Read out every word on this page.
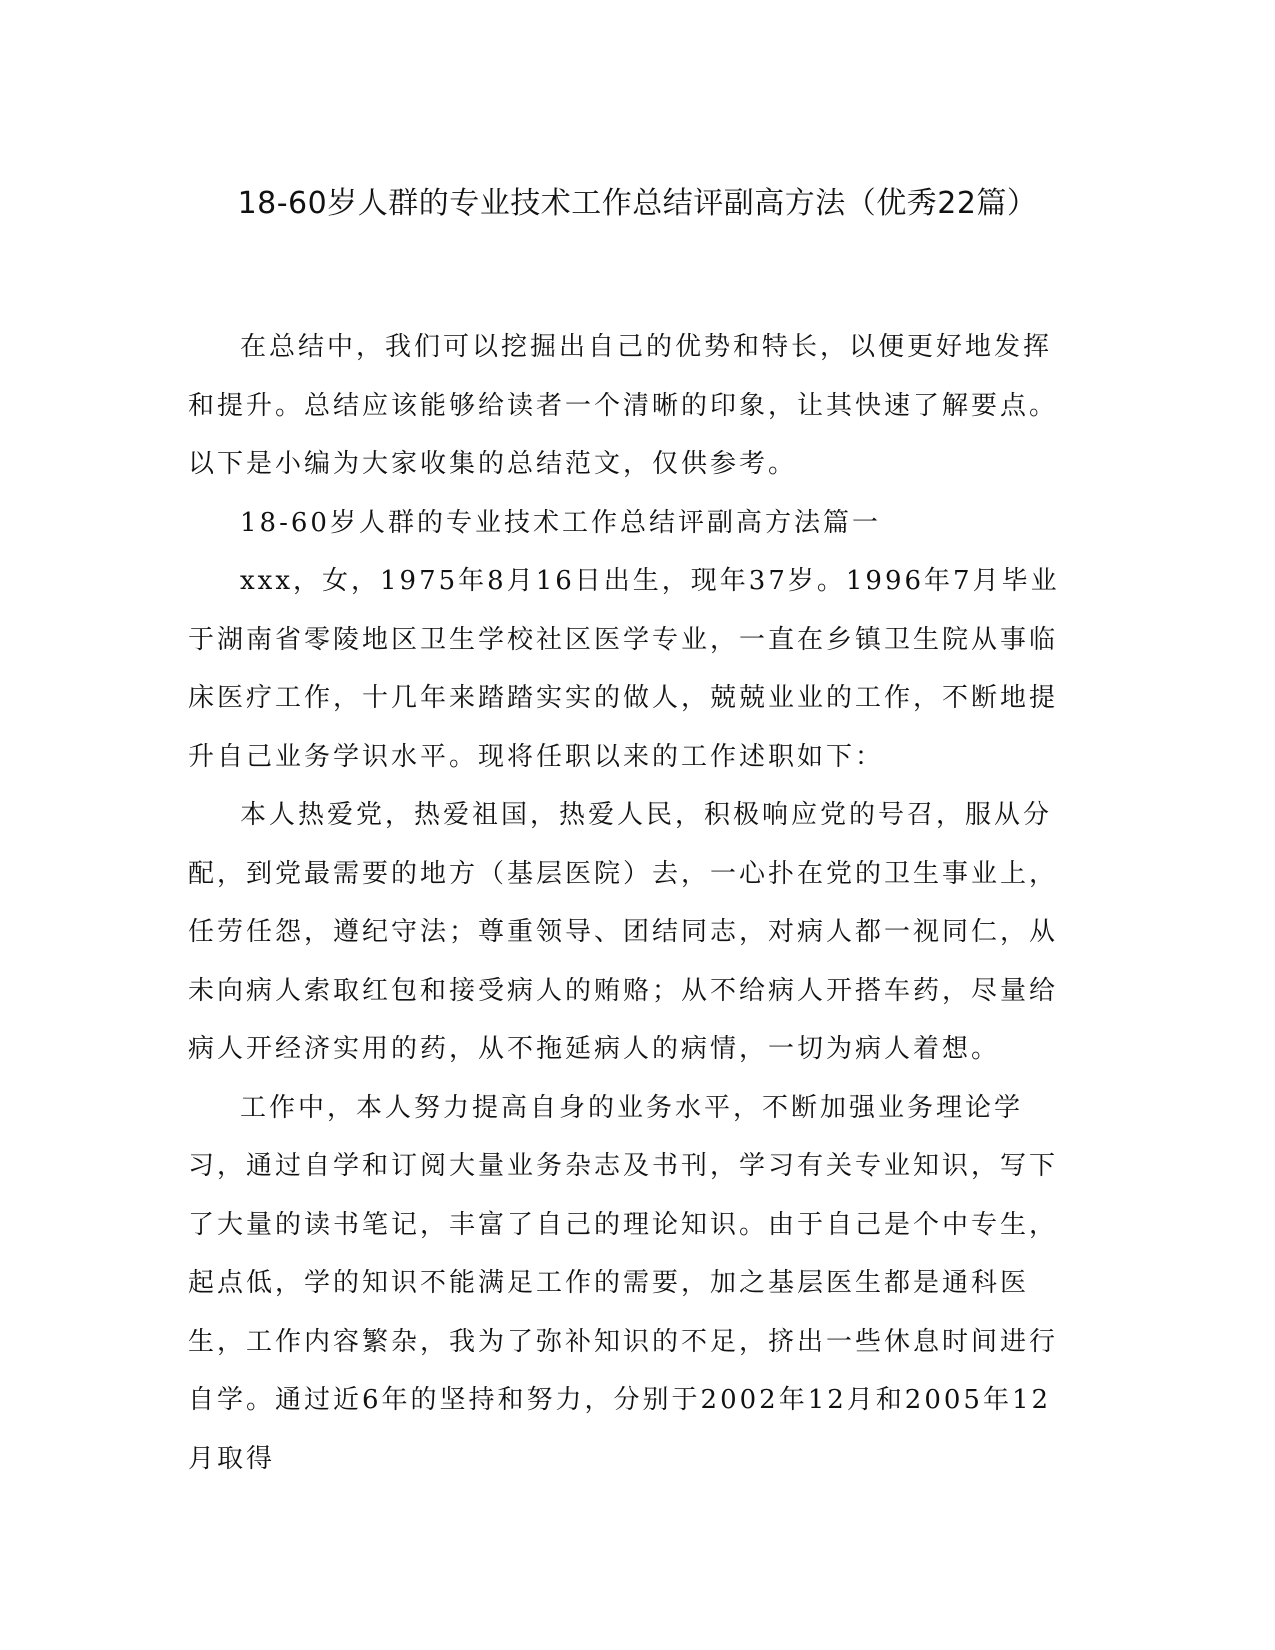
18-60岁人群的专业技术工作总结评副高方法（优秀22篇）

在总结中，我们可以挖掘出自己的优势和特长，以便更好地发挥和提升。总结应该能够给读者一个清晰的印象，让其快速了解要点。以下是小编为大家收集的总结范文，仅供参考。

18-60岁人群的专业技术工作总结评副高方法篇一

xxx，女，1975年8月16日出生，现年37岁。1996年7月毕业于湖南省零陵地区卫生学校社区医学专业，一直在乡镇卫生院从事临床医疗工作，十几年来踏踏实实的做人，兢兢业业的工作，不断地提升自己业务学识水平。现将任职以来的工作述职如下：

本人热爱党，热爱祖国，热爱人民，积极响应党的号召，服从分配，到党最需要的地方（基层医院）去，一心扑在党的卫生事业上，任劳任怨，遵纪守法；尊重领导、团结同志，对病人都一视同仁，从未向病人索取红包和接受病人的贿赂；从不给病人开搭车药，尽量给病人开经济实用的药，从不拖延病人的病情，一切为病人着想。

工作中，本人努力提高自身的业务水平，不断加强业务理论学习，通过自学和订阅大量业务杂志及书刊，学习有关专业知识，写下了大量的读书笔记，丰富了自己的理论知识。由于自己是个中专生，起点低，学的知识不能满足工作的需要，加之基层医生都是通科医生，工作内容繁杂，我为了弥补知识的不足，挤出一些休息时间进行自学。通过近6年的坚持和努力，分别于2002年12月和2005年12月取得
